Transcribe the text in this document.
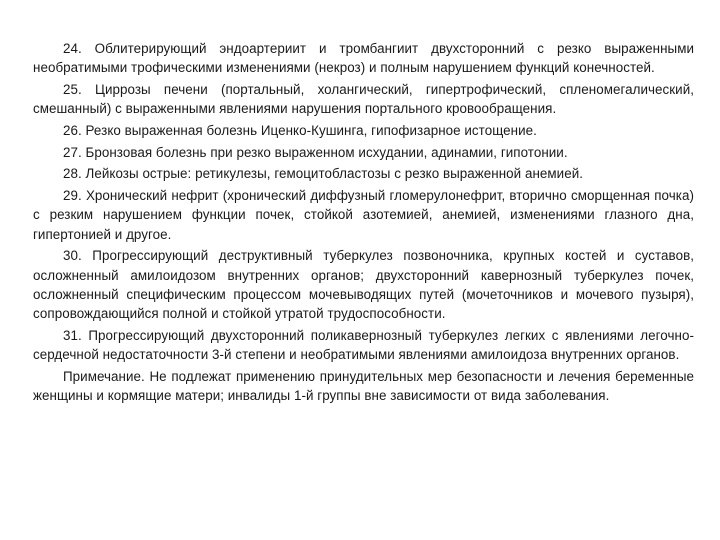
24. Облитерирующий эндоартериит и тромбангиит двухсторонний с резко выраженными необратимыми трофическими изменениями (некроз) и полным нарушением функций конечностей.

25. Циррозы печени (портальный, холангический, гипертрофический, спленомегалический, смешанный) с выраженными явлениями нарушения портального кровообращения.

26. Резко выраженная болезнь Иценко-Кушинга, гипофизарное истощение.

27. Бронзовая болезнь при резко выраженном исхудании, адинамии, гипотонии.

28. Лейкозы острые: ретикулезы, гемоцитобластозы с резко выраженной анемией.

29. Хронический нефрит (хронический диффузный гломерулонефрит, вторично сморщенная почка) с резким нарушением функции почек, стойкой азотемией, анемией, изменениями глазного дна, гипертонией и другое.

30. Прогрессирующий деструктивный туберкулез позвоночника, крупных костей и суставов, осложненный амилоидозом внутренних органов; двухсторонний кавернозный туберкулез почек, осложненный специфическим процессом мочевыводящих путей (мочеточников и мочевого пузыря), сопровождающийся полной и стойкой утратой трудоспособности.

31. Прогрессирующий двухсторонний поликавернозный туберкулез легких с явлениями легочно-сердечной недостаточности 3-й степени и необратимыми явлениями амилоидоза внутренних органов.

Примечание. Не подлежат применению принудительных мер безопасности и лечения беременные женщины и кормящие матери; инвалиды 1-й группы вне зависимости от вида заболевания.
